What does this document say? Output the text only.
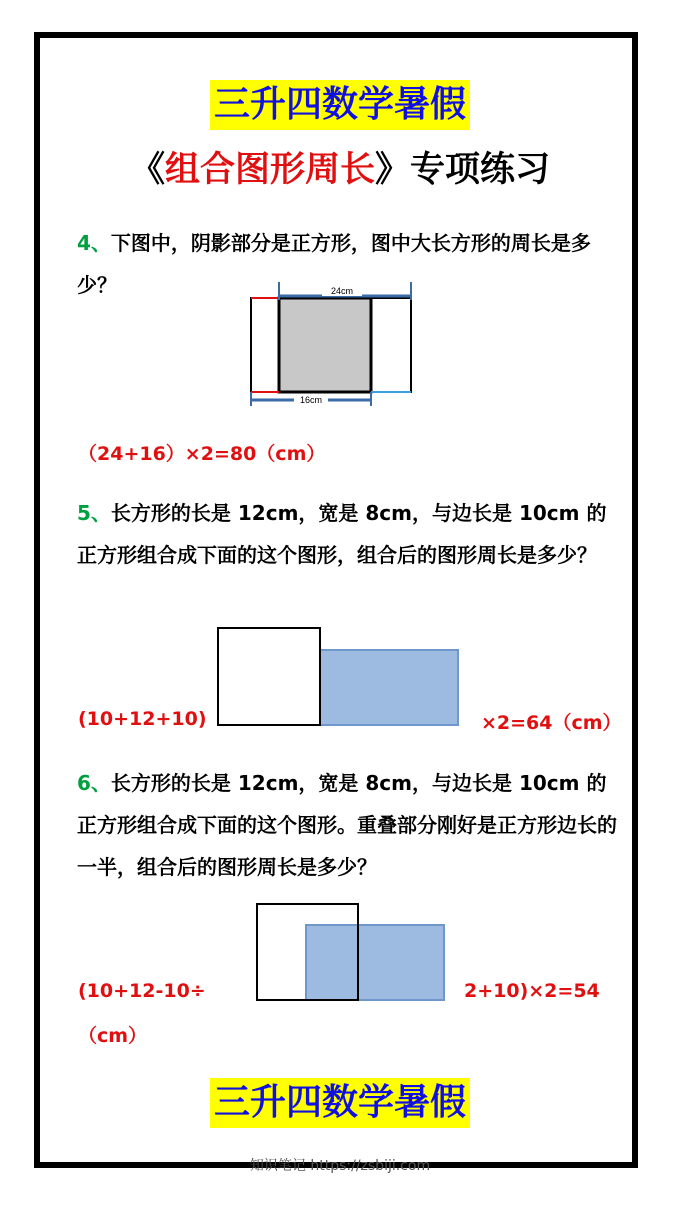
三升四数学暑假
《组合图形周长》专项练习
4、下图中，阴影部分是正方形，图中大长方形的周长是多少？	24cm
16cm
（24+16）×2=80（cm）
5、长方形的长是 12cm，宽是 8cm，与边长是 10cm 的正方形组合成下面的这个图形，组合后的图形周长是多少？
(10+12+10)	×2=64（cm）
6、长方形的长是 12cm，宽是 8cm，与边长是 10cm 的正方形组合成下面的这个图形。重叠部分刚好是正方形边长的一半，组合后的图形周长是多少？
(10+12-10÷	2+10)×2=54
（cm）
三升四数学暑假
知识笔记 https://zsbiji.com
